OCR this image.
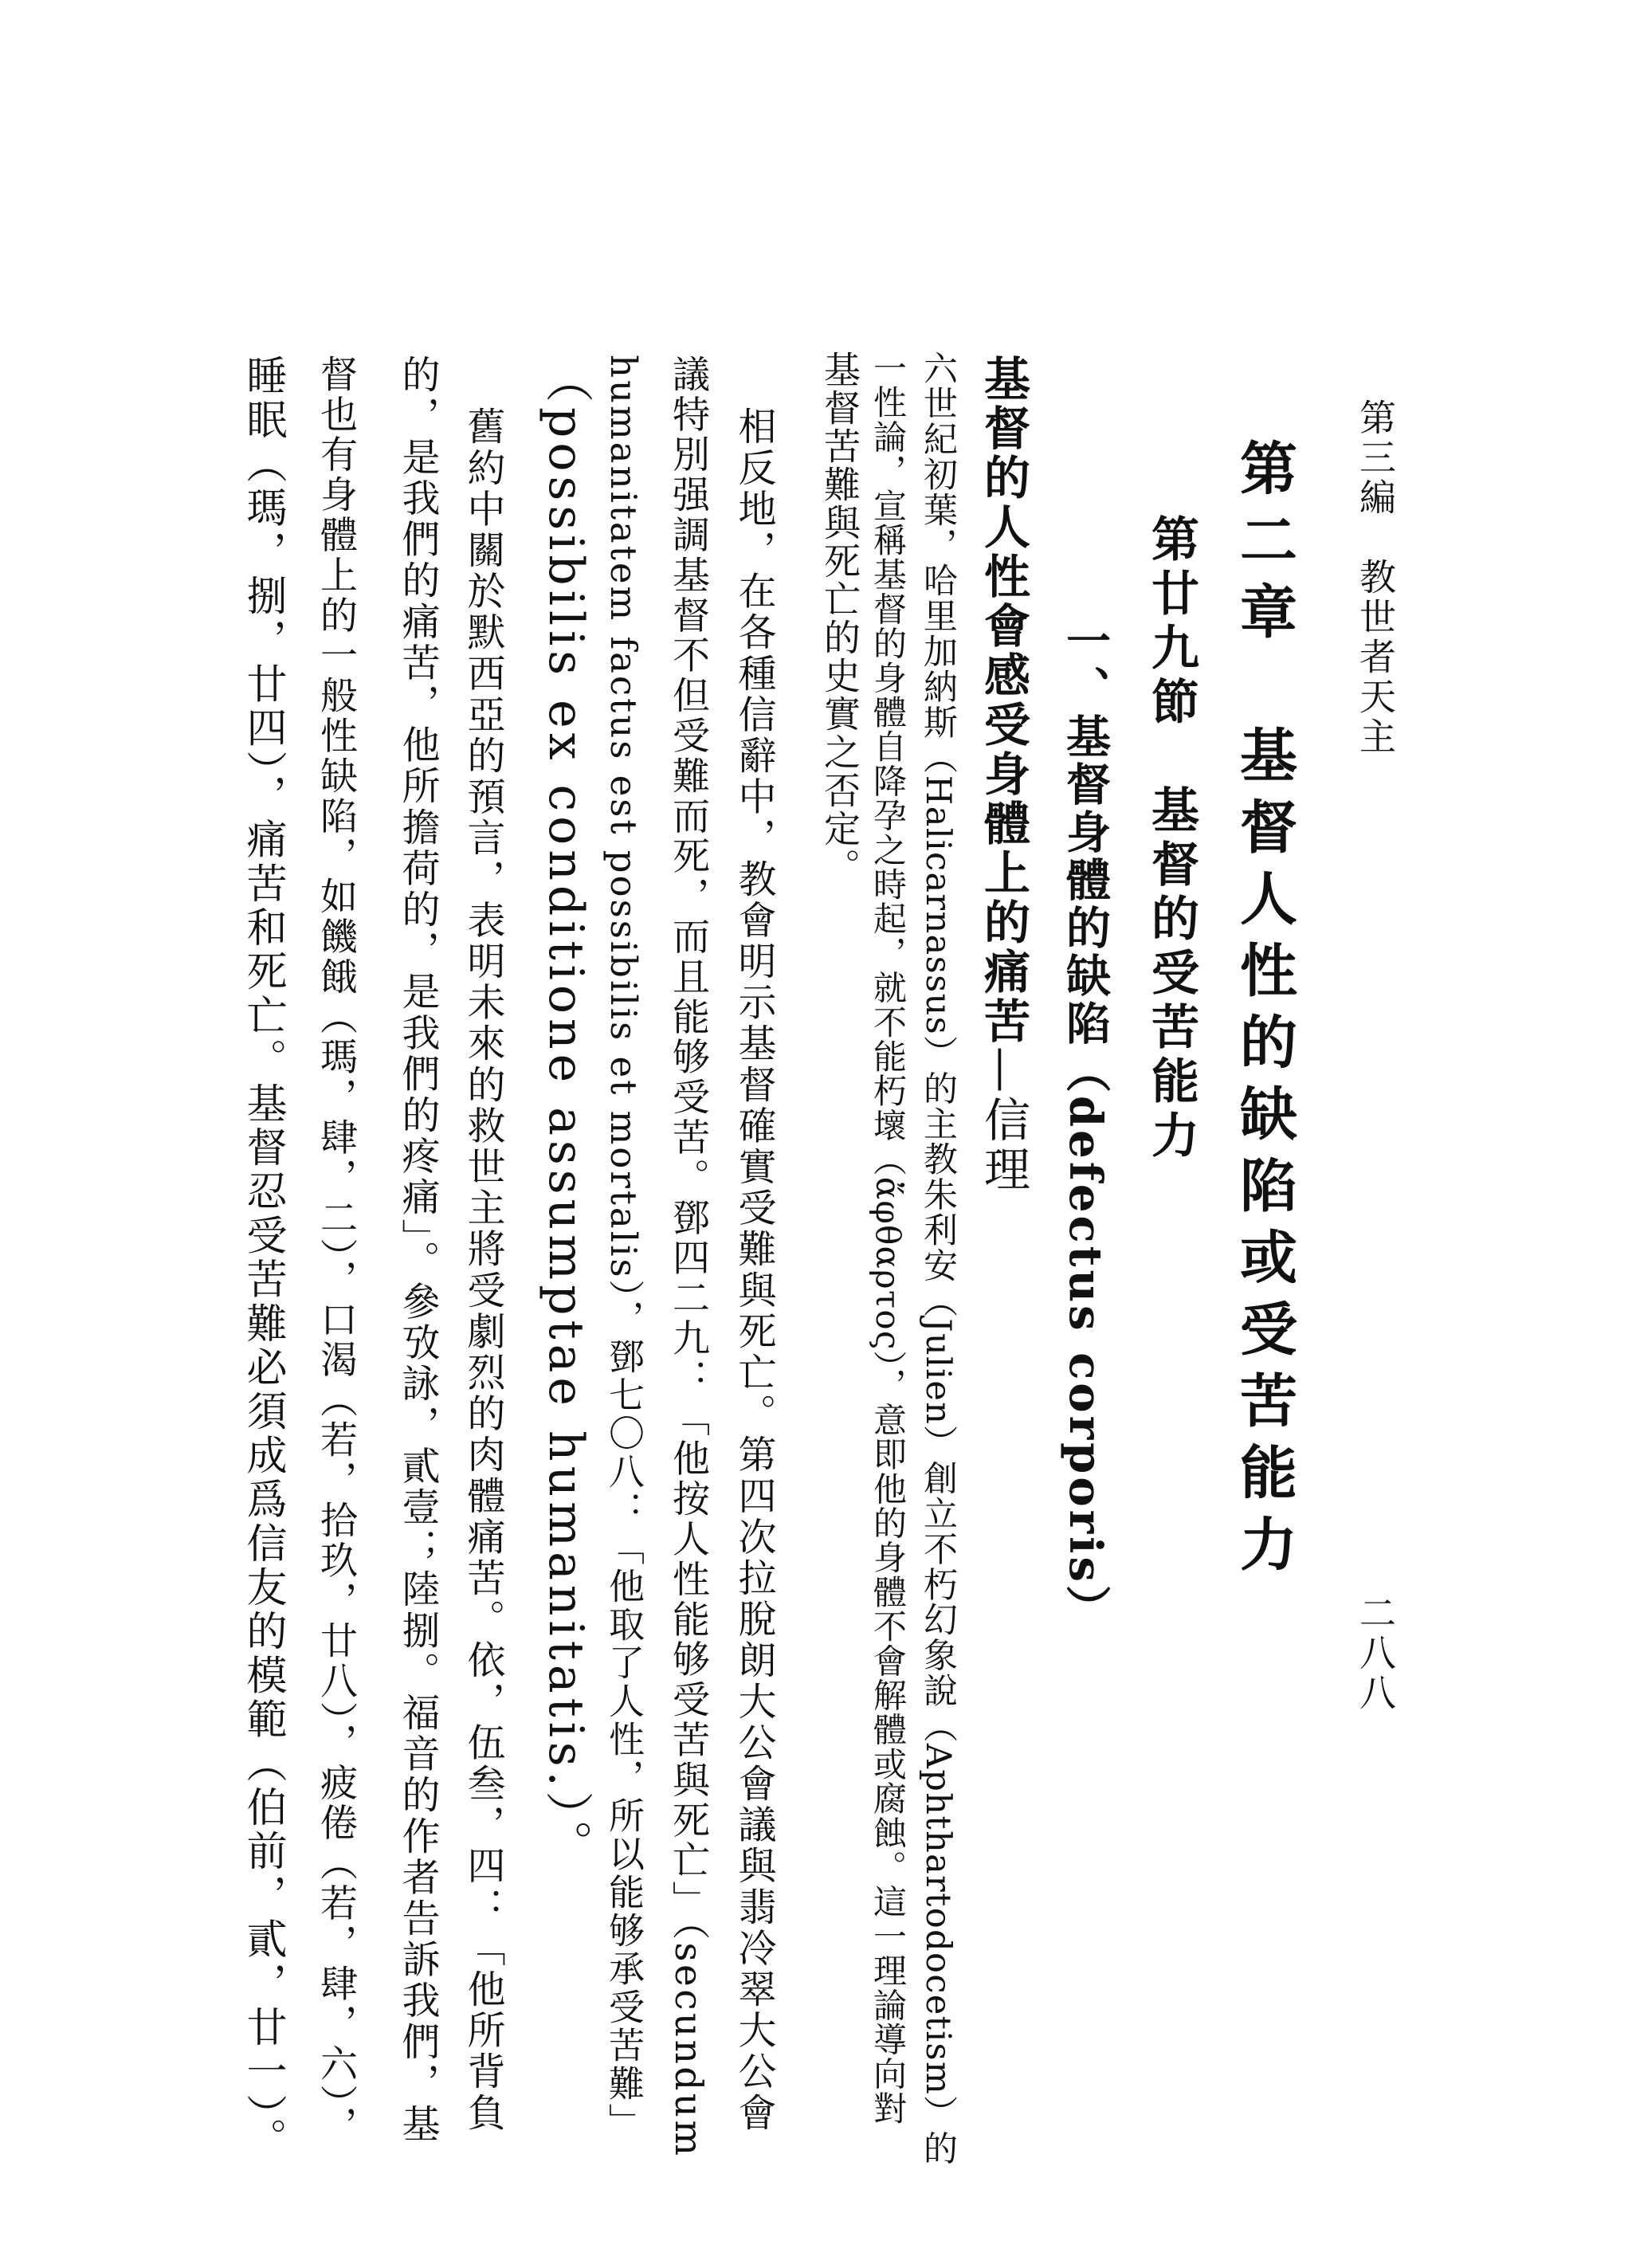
第三編　教世者天主
二八八
第二章　基督人性的缺陷或受苦能力
第廿九節　基督的受苦能力
一、基督身體的缺陷（defectus corporis）
基督的人性會感受身體上的痛苦—信理
六世紀初葉，哈里加納斯（Halicarnassus）的主教朱利安（Julien）創立不朽幻象說（Aphthartodocetism）的
一性論，宣稱基督的身體自降孕之時起，就不能朽壞（ἄφθαρτος），意即他的身體不會解體或腐蝕。這一理論導向對
基督苦難與死亡的史實之否定。
相反地，在各種信辭中，教會明示基督確實受難與死亡。第四次拉脫朗大公會議與翡冷翠大公會
議特別强調基督不但受難而死，而且能够受苦。鄧四二九：「他按人性能够受苦與死亡」（secundum
humanitatem factus est possibilis et mortalis），鄧七〇八：「他取了人性，所以能够承受苦難」
（possibilis ex conditione assumptae humanitatis.）。
舊約中關於默西亞的預言，表明未來的救世主將受劇烈的肉體痛苦。依，伍叁，四：「他所背負
的，是我們的痛苦，他所擔荷的，是我們的疼痛」。參攷詠，貳壹；陸捌。福音的作者告訴我們，基
督也有身體上的一般性缺陷，如饑餓（瑪，肆，二），口渴（若，拾玖，廿八），疲倦（若，肆，六），
睡眠（瑪，捌，廿四），痛苦和死亡。基督忍受苦難必須成爲信友的模範（伯前，貳，廿一）。
